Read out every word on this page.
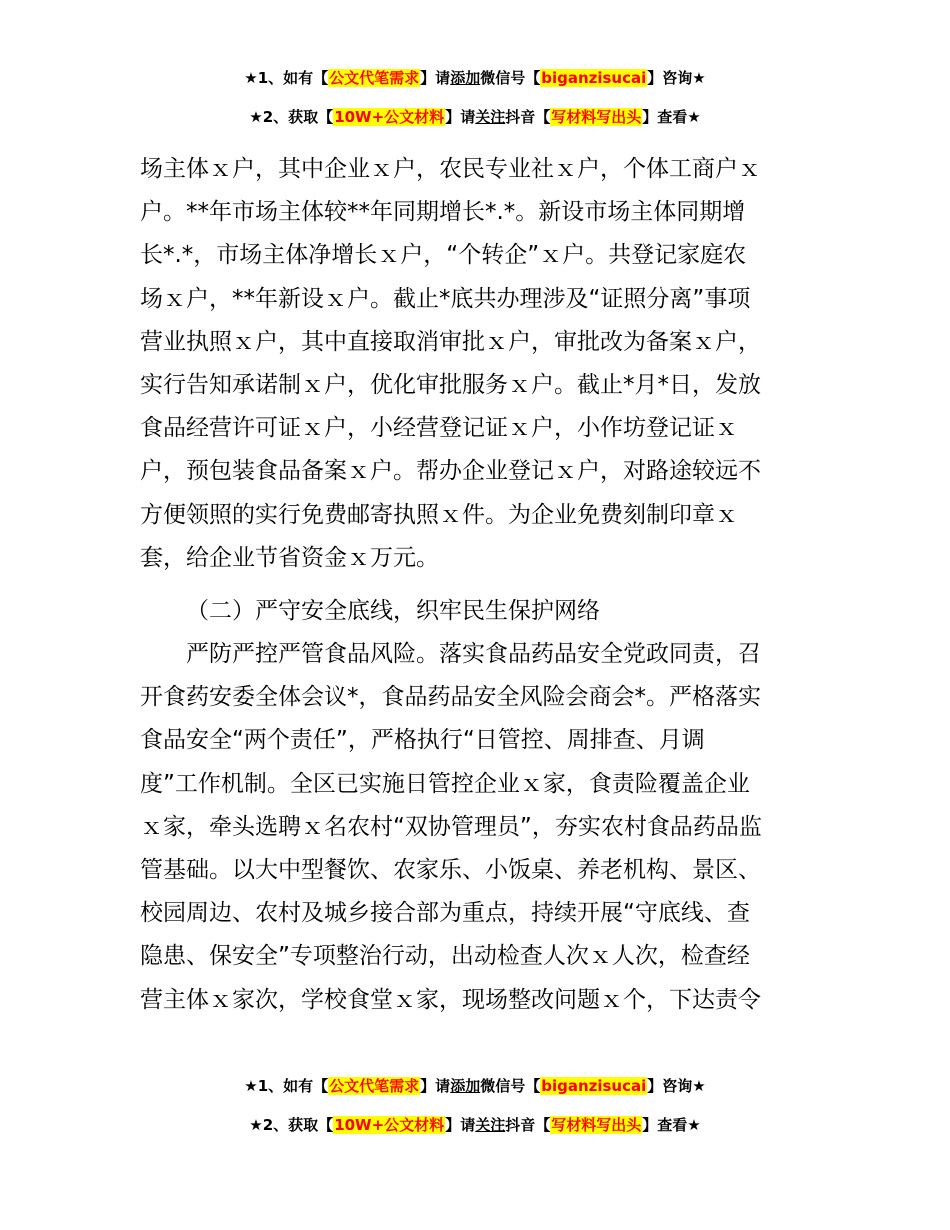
★1、如有【公文代笔需求】请添加微信号【biganzisucai】咨询★
★2、获取【10W+公文材料】请关注抖音【写材料写出头】查看★
场主体ｘ户，其中企业ｘ户，农民专业社ｘ户，个体工商户ｘ
户。**年市场主体较**年同期增长*.*。新设市场主体同期增
长*.*，市场主体净增长ｘ户，“个转企”ｘ户。共登记家庭农
场ｘ户，**年新设ｘ户。截止*底共办理涉及“证照分离”事项
营业执照ｘ户，其中直接取消审批ｘ户，审批改为备案ｘ户，
实行告知承诺制ｘ户，优化审批服务ｘ户。截止*月*日，发放
食品经营许可证ｘ户，小经营登记证ｘ户，小作坊登记证ｘ
户，预包装食品备案ｘ户。帮办企业登记ｘ户，对路途较远不
方便领照的实行免费邮寄执照ｘ件。为企业免费刻制印章ｘ
套，给企业节省资金ｘ万元。
（二）严守安全底线，织牢民生保护网络
严防严控严管食品风险。落实食品药品安全党政同责，召
开食药安委全体会议*，食品药品安全风险会商会*。严格落实
食品安全“两个责任”，严格执行“日管控、周排查、月调
度”工作机制。全区已实施日管控企业ｘ家，食责险覆盖企业
ｘ家，牵头选聘ｘ名农村“双协管理员”，夯实农村食品药品监
管基础。以大中型餐饮、农家乐、小饭桌、养老机构、景区、
校园周边、农村及城乡接合部为重点，持续开展“守底线、查
隐患、保安全”专项整治行动，出动检查人次ｘ人次，检查经
营主体ｘ家次，学校食堂ｘ家，现场整改问题ｘ个，下达责令
★1、如有【公文代笔需求】请添加微信号【biganzisucai】咨询★
★2、获取【10W+公文材料】请关注抖音【写材料写出头】查看★
